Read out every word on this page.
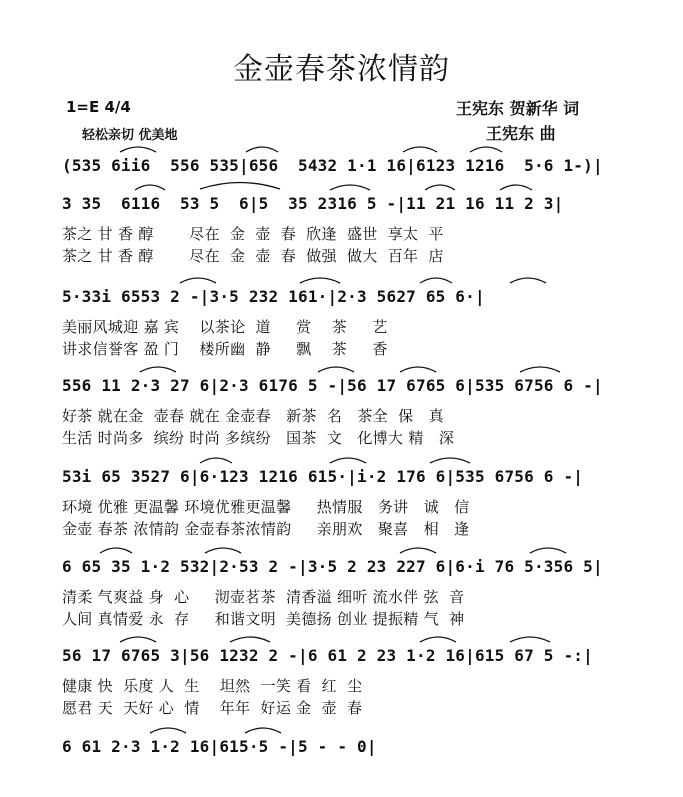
金壶春茶浓情韵
1=E 4/4
轻松亲切 优美地
王宪东 贺新华 词
王宪东 曲
(535 6ii6  556 535|656  5432 1·1 16|6123 1216  5·6 1-)|
3 35  6116  53 5  6|5  35 2316 5 -|11 21 16 11 2 3|
茶之 甘 香 醇       尽在  金  壶  春  欣逢  盛世  享太  平
茶之 甘 香 醇       尽在  金  壶  春  做强  做大  百年  店
5·33i 6553 2 -|3·5 232 161·|2·3 5627 65 6·|
美丽风城迎 嘉 宾    以茶论  道     赏    茶     艺
讲求信誉客 盈 门    楼所幽  静     飘    茶     香
556 11 2·3 27 6|2·3 6176 5 -|56 17 6765 6|535 6756 6 -|
好茶 就在金  壶春 就在 金壶春   新茶  名   茶全  保   真
生活 时尚多  缤纷 时尚 多缤纷   国茶  文   化博大 精   深
53i 65 3527 6|6·123 1216 615·|i·2 176 6|535 6756 6 -|
环境 优雅 更温馨 环境优雅更温馨     热情服   务讲   诚   信
金壶 春茶 浓情韵 金壶春茶浓情韵     亲朋欢   聚喜   相   逢
6 65 35 1·2 532|2·53 2 -|3·5 2 23 227 6|6·i 76 5·356 5|
清柔 气爽益 身  心     沏壶茗茶  清香溢 细听 流水伴 弦  音
人间 真情爱 永  存     和谐文明  美德扬 创业 提振精 气  神
56 17 6765 3|56 1232 2 -|6 61 2 23 1·2 16|615 67 5 -:|
健康 快  乐度 人  生    坦然  一笑 看  红  尘
愿君 天  天好 心  情    年年  好运 金  壶  春
6 61 2·3 1·2 16|615·5 -|5 - - 0|
